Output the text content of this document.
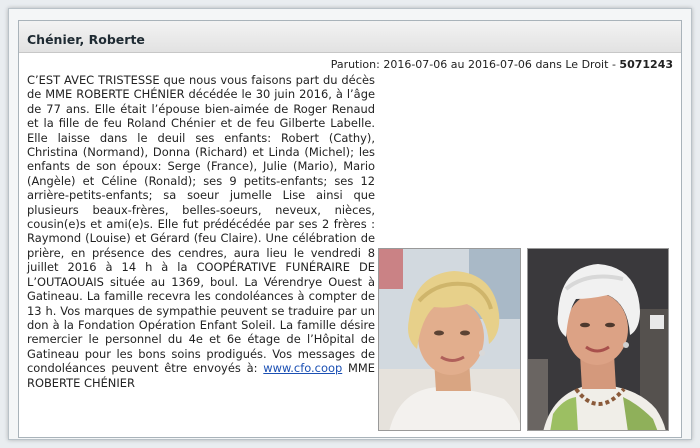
Chénier, Roberte
Parution: 2016-07-06 au 2016-07-06 dans Le Droit - 5071243
C’EST AVEC TRISTESSE que nous vous faisons part du décès de MME ROBERTE CHÉNIER décédée le 30 juin 2016, à l’âge de 77 ans. Elle était l’épouse bien-aimée de Roger Renaud et la fille de feu Roland Chénier et de feu Gilberte Labelle. Elle laisse dans le deuil ses enfants: Robert (Cathy), Christina (Normand), Donna (Richard) et Linda (Michel); les enfants de son époux: Serge (France), Julie (Mario), Mario (Angèle) et Céline (Ronald); ses 9 petits-enfants; ses 12 arrière-petits-enfants; sa soeur jumelle Lise ainsi que plusieurs beaux-frères, belles-soeurs, neveux, nièces, cousin(e)s et ami(e)s. Elle fut prédécédée par ses 2 frères : Raymond (Louise) et Gérard (feu Claire). Une célébration de prière, en présence des cendres, aura lieu le vendredi 8 juillet 2016 à 14 h à la COOPÉRATIVE FUNÉRAIRE DE L’OUTAOUAIS située au 1369, boul. La Vérendrye Ouest à Gatineau. La famille recevra les condoléances à compter de 13 h. Vos marques de sympathie peuvent se traduire par un don à la Fondation Opération Enfant Soleil. La famille désire remercier le personnel du 4e et 6e étage de l’Hôpital de Gatineau pour les bons soins prodigués. Vos messages de condoléances peuvent être envoyés à: www.cfo.coop MME ROBERTE CHÉNIER
